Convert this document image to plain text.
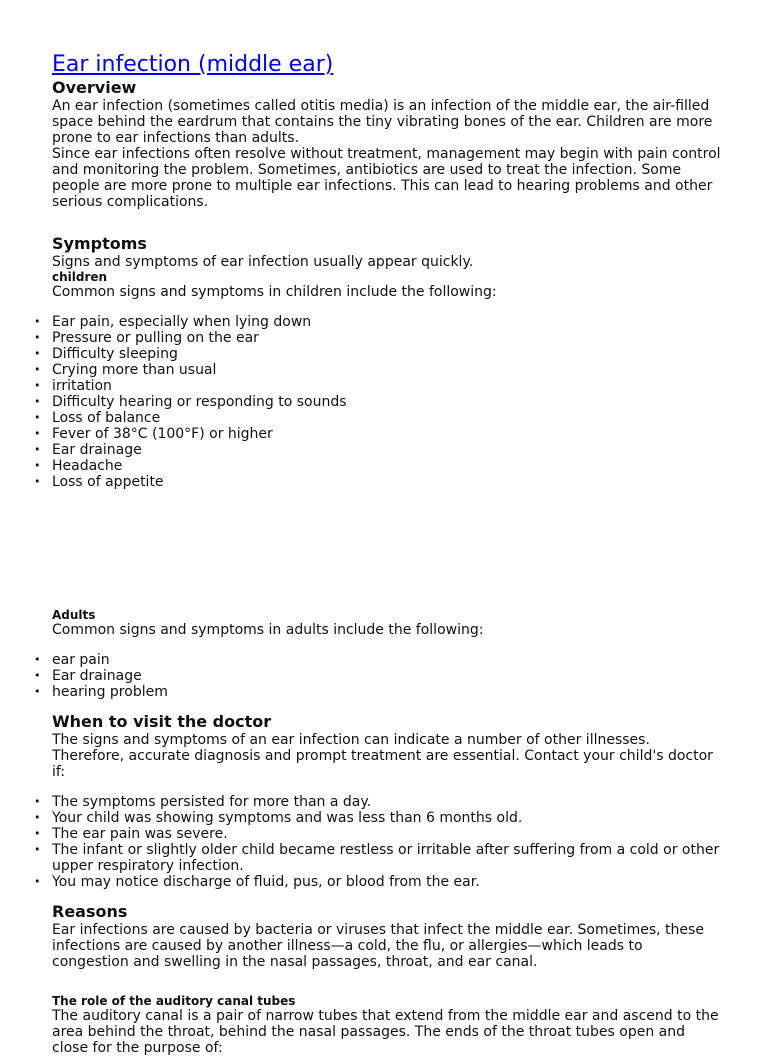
Ear infection (middle ear)
Overview

An ear infection (sometimes called otitis media) is an infection of the middle ear, the air-filled space behind the eardrum that contains the tiny vibrating bones of the ear. Children are more prone to ear infections than adults.

Since ear infections often resolve without treatment, management may begin with pain control and monitoring the problem. Sometimes, antibiotics are used to treat the infection. Some people are more prone to multiple ear infections. This can lead to hearing problems and other serious complications.

Symptoms

Signs and symptoms of ear infection usually appear quickly.

children

Common signs and symptoms in children include the following:

• Ear pain, especially when lying down
• Pressure or pulling on the ear
• Difficulty sleeping
• Crying more than usual
• irritation
• Difficulty hearing or responding to sounds
• Loss of balance
• Fever of 38°C (100°F) or higher
• Ear drainage
• Headache
• Loss of appetite
Adults

Common signs and symptoms in adults include the following:

• ear pain
• Ear drainage
• hearing problem
When to visit the doctor

The signs and symptoms of an ear infection can indicate a number of other illnesses. Therefore, accurate diagnosis and prompt treatment are essential. Contact your child's doctor if:

• The symptoms persisted for more than a day.
• Your child was showing symptoms and was less than 6 months old.
• The ear pain was severe.
• The infant or slightly older child became restless or irritable after suffering from a cold or other upper respiratory infection.
• You may notice discharge of fluid, pus, or blood from the ear.
Reasons

Ear infections are caused by bacteria or viruses that infect the middle ear. Sometimes, these infections are caused by another illness—a cold, the flu, or allergies—which leads to congestion and swelling in the nasal passages, throat, and ear canal.

The role of the auditory canal tubes

The auditory canal is a pair of narrow tubes that extend from the middle ear and ascend to the area behind the throat, behind the nasal passages. The ends of the throat tubes open and close for the purpose of:
